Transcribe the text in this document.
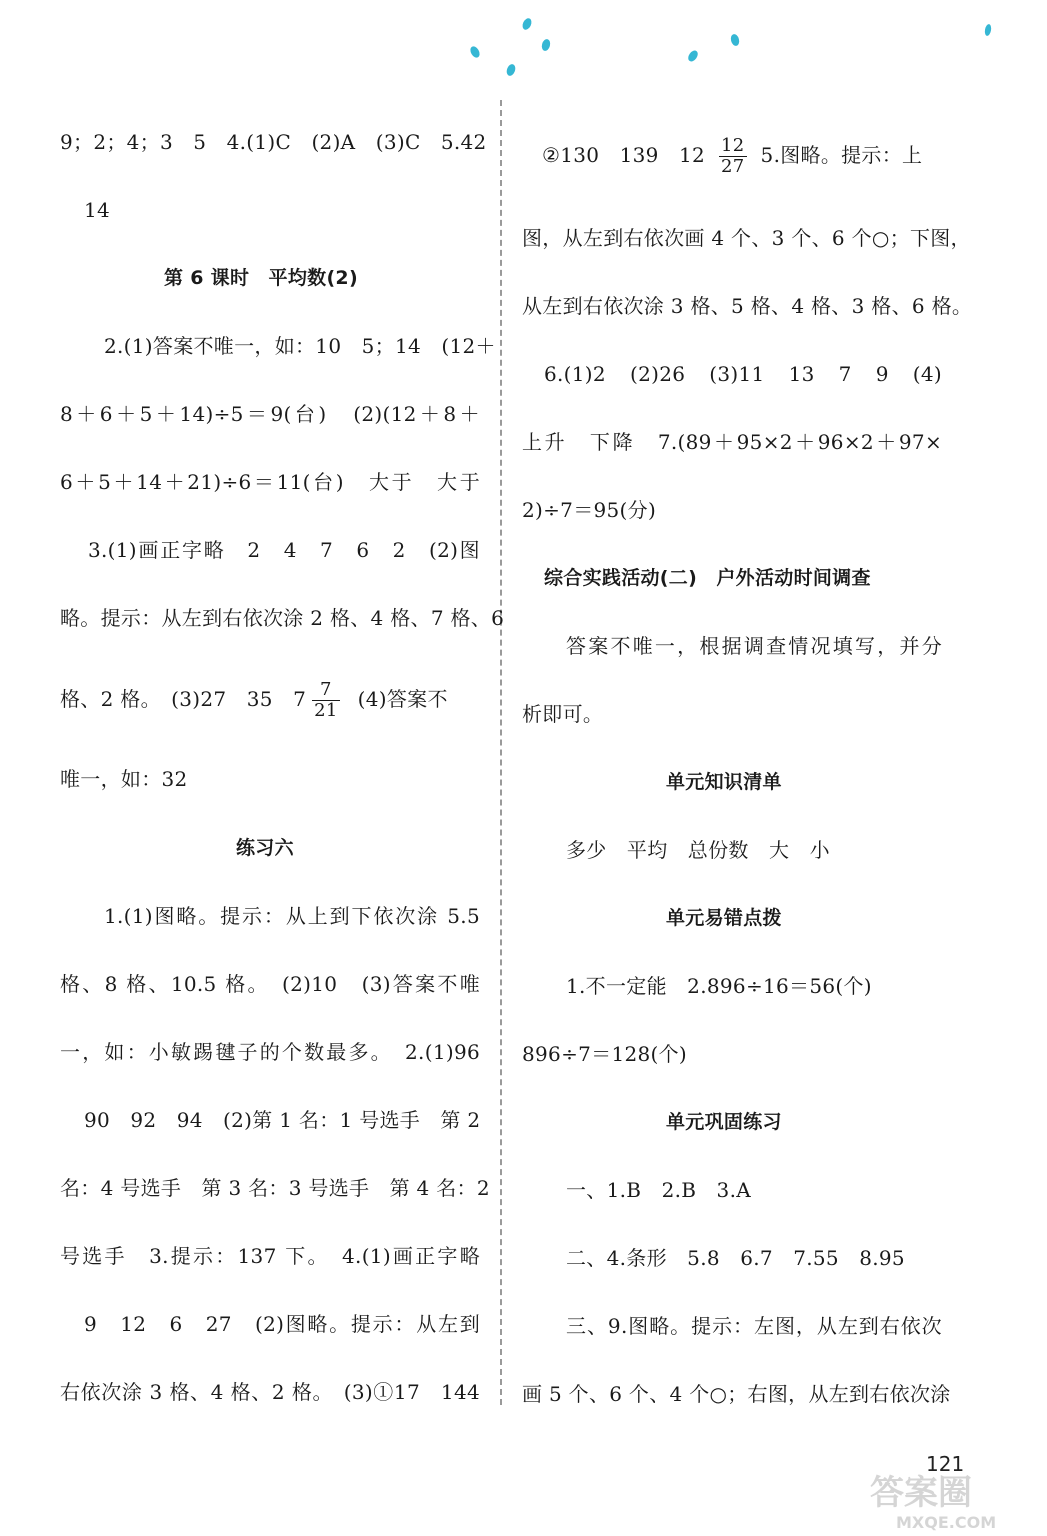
9；2；4；3　5　4.(1)C　(2)A　(3)C　5.42
14
第 6 课时　平均数(2)
2.(1)答案不唯一，如：10　5；14　(12＋
8＋6＋5＋14)÷5＝9(台)　(2)(12＋8＋
6＋5＋14＋21)÷6＝11(台)　大于　大于
3.(1)画正字略　2　4　7　6　2　(2)图
略。提示：从左到右依次涂 2 格、4 格、7 格、6
格、2 格。　(3)27　35　$7 \frac{7}{21} (4)$答案不
唯一，如：32
练习六
1.(1)图略。提示：从上到下依次涂 5.5
格、8 格、10.5 格。　(2)10　(3)答案不唯
一，如：小敏踢毽子的个数最多。　2.(1)96
90　92　94　(2)第 1 名：1 号选手　第 2
名：4 号选手　第 3 名：3 号选手　第 4 名：2
号选手　3.提示：137 下。　4.(1)画正字略
9　12　6　27　(2)图略。提示：从左到
右依次涂 3 格、4 格、2 格。　(3)①17　144
②130　139　$12 \frac{12}{27} 5$.图略。提示：上
图，从左到右依次画 4 个、3 个、6 个○；下图，
从左到右依次涂 3 格、5 格、4 格、3 格、6 格。
6.(1)2　(2)26　(3)11　13　7　9　(4)
上升　下降　7.(89＋95×2＋96×2＋97×
2)÷7＝95(分)
综合实践活动(二)　户外活动时间调查
答案不唯一，根据调查情况填写，并分
析即可。
单元知识清单
多少　平均　总份数　大　小
单元易错点拨
1.不一定能　2.896÷16＝56(个)
896÷7＝128(个)
单元巩固练习
一、1.B　2.B　3.A
二、4.条形　5.8　6.7　7.55　8.95
三、9.图略。提示：左图，从左到右依次
画 5 个、6 个、4 个○；右图，从左到右依次涂
121
答案圈
MXQE.COM
